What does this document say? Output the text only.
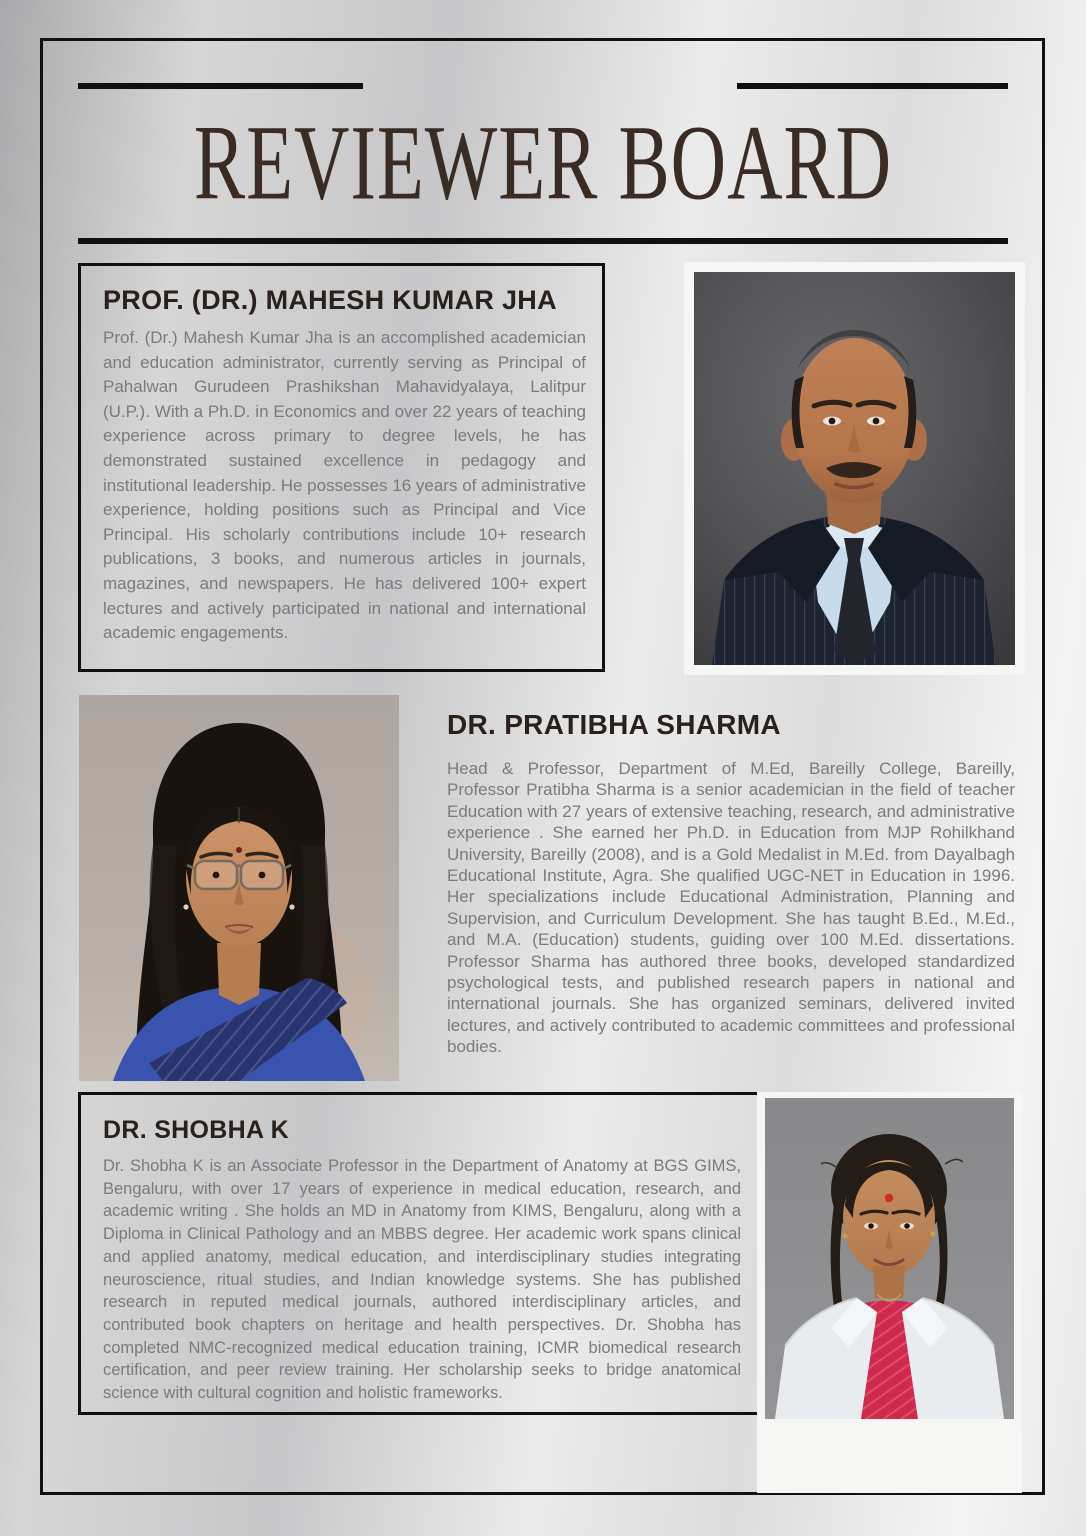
REVIEWER BOARD
PROF. (DR.) MAHESH KUMAR JHA

Prof. (Dr.) Mahesh Kumar Jha is an accomplished academician and education administrator, currently serving as Principal of Pahalwan Gurudeen Prashikshan Mahavidyalaya, Lalitpur (U.P.). With a Ph.D. in Economics and over 22 years of teaching experience across primary to degree levels, he has demonstrated sustained excellence in pedagogy and institutional leadership. He possesses 16 years of administrative experience, holding positions such as Principal and Vice Principal. His scholarly contributions include 10+ research publications, 3 books, and numerous articles in journals, magazines, and newspapers. He has delivered 100+ expert lectures and actively participated in national and international academic engagements.

DR. PRATIBHA SHARMA

Head & Professor, Department of M.Ed, Bareilly College, Bareilly, Professor Pratibha Sharma is a senior academician in the field of teacher Education with 27 years of extensive teaching, research, and administrative experience . She earned her Ph.D. in Education from MJP Rohilkhand University, Bareilly (2008), and is a Gold Medalist in M.Ed. from Dayalbagh Educational Institute, Agra. She qualified UGC-NET in Education in 1996. Her specializations include Educational Administration, Planning and Supervision, and Curriculum Development. She has taught B.Ed., M.Ed., and M.A. (Education) students, guiding over 100 M.Ed. dissertations. Professor Sharma has authored three books, developed standardized psychological tests, and published research papers in national and international journals. She has organized seminars, delivered invited lectures, and actively contributed to academic committees and professional bodies.

DR. SHOBHA K

Dr. Shobha K is an Associate Professor in the Department of Anatomy at BGS GIMS, Bengaluru, with over 17 years of experience in medical education, research, and academic writing . She holds an MD in Anatomy from KIMS, Bengaluru, along with a Diploma in Clinical Pathology and an MBBS degree. Her academic work spans clinical and applied anatomy, medical education, and interdisciplinary studies integrating neuroscience, ritual studies, and Indian knowledge systems. She has published research in reputed medical journals, authored interdisciplinary articles, and contributed book chapters on heritage and health perspectives. Dr. Shobha has completed NMC-recognized medical education training, ICMR biomedical research certification, and peer review training. Her scholarship seeks to bridge anatomical science with cultural cognition and holistic frameworks.
